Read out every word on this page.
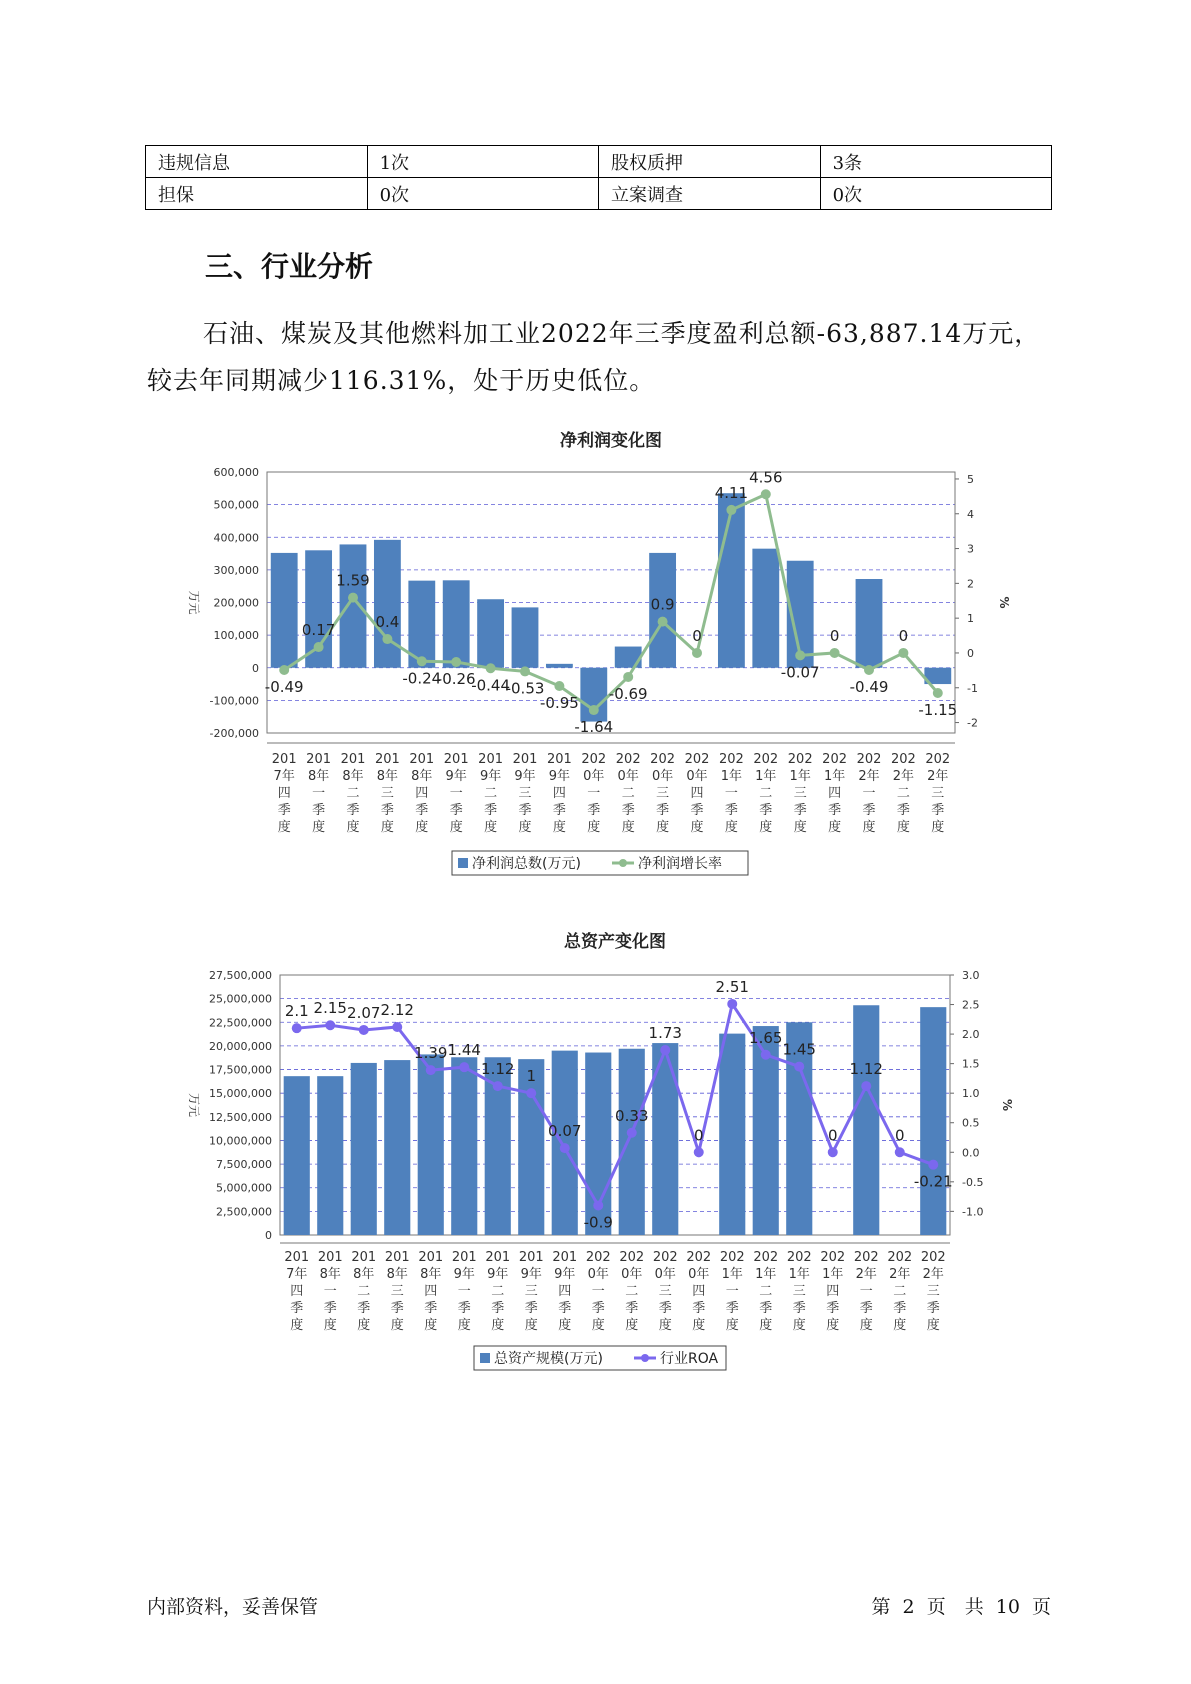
违规信息	1次	股权质押	3条
担保	0次	立案调查	0次
三、行业分析
石油、煤炭及其他燃料加工业2022年三季度盈利总额-63,887.14万元，较去年同期减少116.31%，处于历史低位。
净利润变化图
600,000
500,000
400,000
300,000
200,000
100,000
0
-100,000
-200,000
5
4
3
2
1
0
-1
-2
万元	%
-0.49
0.17
1.59
0.4
-0.24
-0.26
-0.44
-0.53
-0.95
-1.64
-0.69
0.9
0
4.11
4.56
-0.07
0
-0.49
0
-1.15
201
7年
四
季
度
201
8年
一
季
度
201
8年
二
季
度
201
8年
三
季
度
201
8年
四
季
度
201
9年
一
季
度
201
9年
二
季
度
201
9年
三
季
度
201
9年
四
季
度
202
0年
一
季
度
202
0年
二
季
度
202
0年
三
季
度
202
0年
四
季
度
202
1年
一
季
度
202
1年
二
季
度
202
1年
三
季
度
202
1年
四
季
度
202
2年
一
季
度
202
2年
二
季
度
202
2年
三
季
度
净利润总数(万元)	净利润增长率
总资产变化图
27,500,000
25,000,000
22,500,000
20,000,000
17,500,000
15,000,000
12,500,000
10,000,000
7,500,000
5,000,000
2,500,000
0
3.0
2.5
2.0
1.5
1.0
0.5
0.0
-0.5
-1.0
万元	%
2.1 2.15 2.07 2.12
1.39 1.44
1.12 1
0.07
-0.9
0.33
1.73
0
2.51
1.65
1.45
0
1.12
0
-0.21
201
7年
四
季
度
201
8年
一
季
度
201
8年
二
季
度
201
8年
三
季
度
201
8年
四
季
度
201
9年
一
季
度
201
9年
二
季
度
201
9年
三
季
度
201
9年
四
季
度
202
0年
一
季
度
202
0年
二
季
度
202
0年
三
季
度
202
0年
四
季
度
202
1年
一
季
度
202
1年
二
季
度
202
1年
三
季
度
202
1年
四
季
度
202
2年
一
季
度
202
2年
二
季
度
202
2年
三
季
度
总资产规模(万元)	行业ROA
内部资料，妥善保管	第 2 页　共 10 页
